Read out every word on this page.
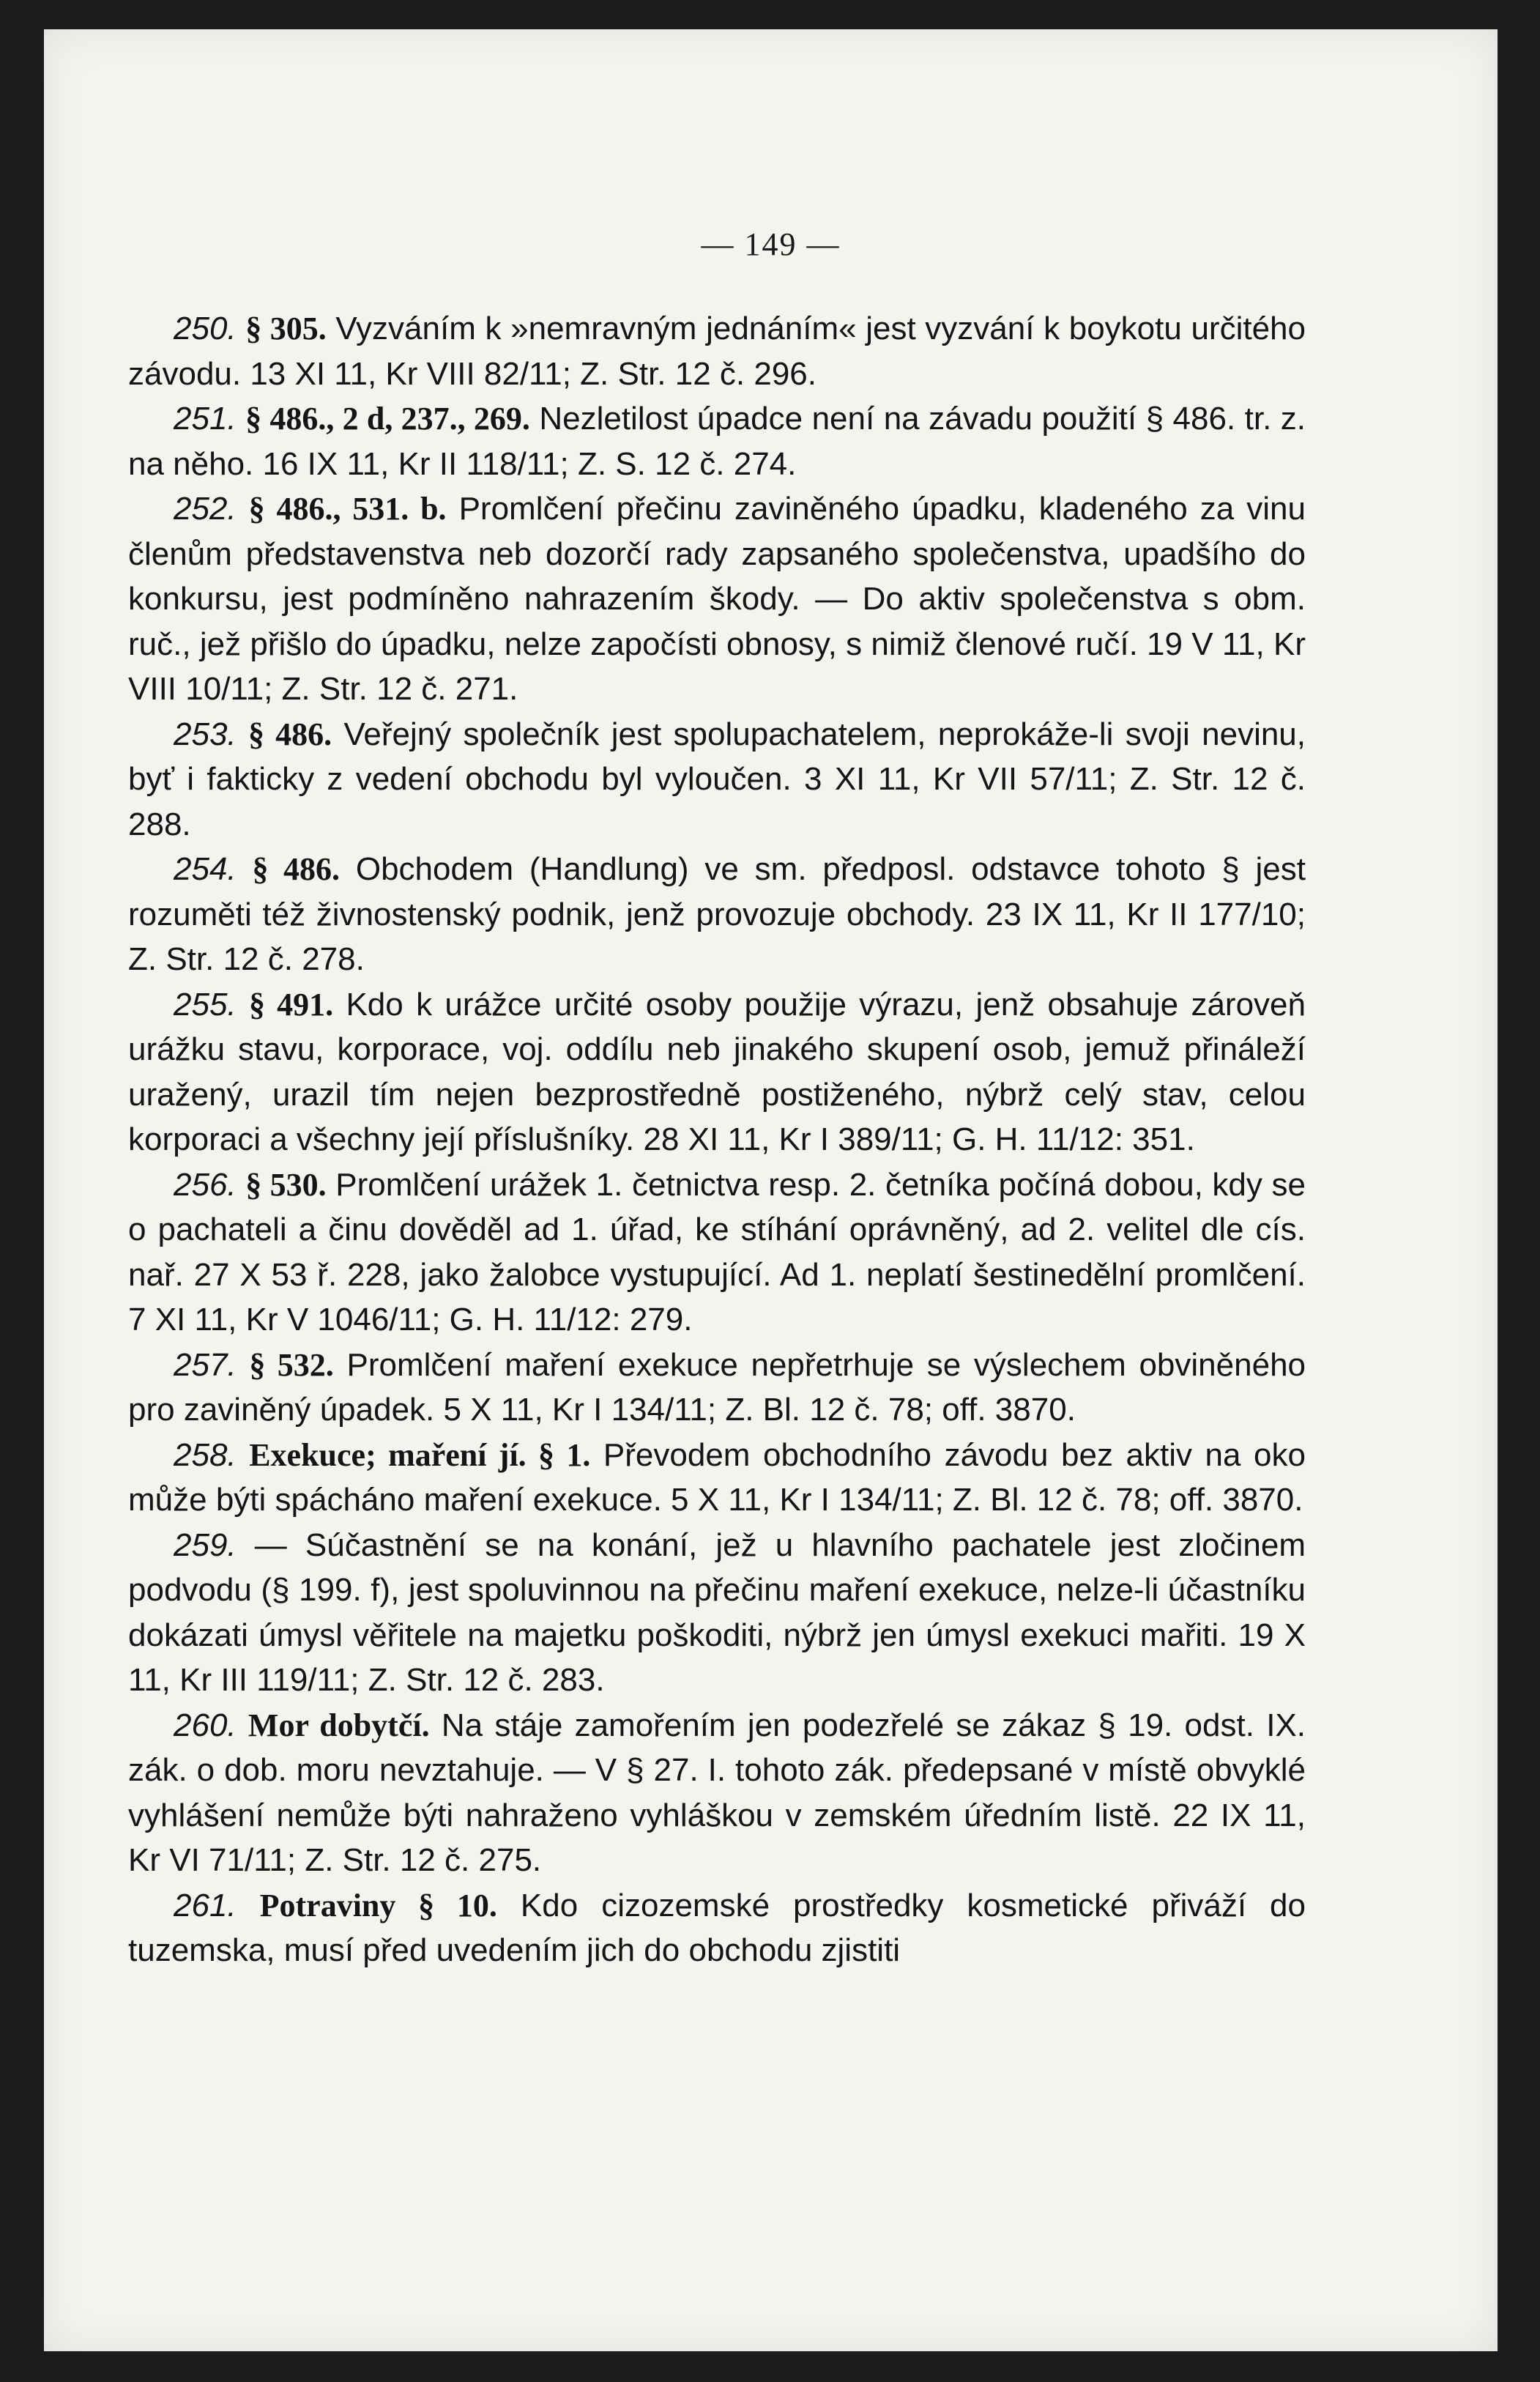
— 149 —

250. § 305. Vyzváním k »nemravným jednáním« jest vyzvání k boykotu určitého závodu. 13 XI 11, Kr VIII 82/11; Z. Str. 12 č. 296.

251. § 486., 2 d, 237., 269. Nezletilost úpadce není na závadu použití § 486. tr. z. na něho. 16 IX 11, Kr II 118/11; Z. S. 12 č. 274.

252. § 486., 531. b. Promlčení přečinu zaviněného úpadku, kladeného za vinu členům představenstva neb dozorčí rady zapsaného společenstva, upadšího do konkursu, jest podmíněno nahrazením škody. — Do aktiv společenstva s obm. ruč., jež přišlo do úpadku, nelze započísti obnosy, s nimiž členové ručí. 19 V 11, Kr VIII 10/11; Z. Str. 12 č. 271.

253. § 486. Veřejný společník jest spolupachatelem, neprokáže-li svoji nevinu, byť i fakticky z vedení obchodu byl vyloučen. 3 XI 11, Kr VII 57/11; Z. Str. 12 č. 288.

254. § 486. Obchodem (Handlung) ve sm. předposl. odstavce tohoto § jest rozuměti též živnostenský podnik, jenž provozuje obchody. 23 IX 11, Kr II 177/10; Z. Str. 12 č. 278.

255. § 491. Kdo k urážce určité osoby použije výrazu, jenž obsahuje zároveň urážku stavu, korporace, voj. oddílu neb jinakého skupení osob, jemuž přináleží uražený, urazil tím nejen bezprostředně postiženého, nýbrž celý stav, celou korporaci a všechny její příslušníky. 28 XI 11, Kr I 389/11; G. H. 11/12: 351.

256. § 530. Promlčení urážek 1. četnictva resp. 2. četníka počíná dobou, kdy se o pachateli a činu dověděl ad 1. úřad, ke stíhání oprávněný, ad 2. velitel dle cís. nař. 27 X 53 ř. 228, jako žalobce vystupující. Ad 1. neplatí šestinedělní promlčení. 7 XI 11, Kr V 1046/11; G. H. 11/12: 279.

257. § 532. Promlčení maření exekuce nepřetrhuje se výslechem obviněného pro zaviněný úpadek. 5 X 11, Kr I 134/11; Z. Bl. 12 č. 78; off. 3870.

258. Exekuce; maření jí. § 1. Převodem obchodního závodu bez aktiv na oko může býti spácháno maření exekuce. 5 X 11, Kr I 134/11; Z. Bl. 12 č. 78; off. 3870.

259. — Súčastnění se na konání, jež u hlavního pachatele jest zločinem podvodu (§ 199. f), jest spoluvinnou na přečinu maření exekuce, nelze-li účastníku dokázati úmysl věřitele na majetku poškoditi, nýbrž jen úmysl exekuci mařiti. 19 X 11, Kr III 119/11; Z. Str. 12 č. 283.

260. Mor dobytčí. Na stáje zamořením jen podezřelé se zákaz § 19. odst. IX. zák. o dob. moru nevztahuje. — V § 27. I. tohoto zák. předepsané v místě obvyklé vyhlášení nemůže býti nahraženo vyhláškou v zemském úředním listě. 22 IX 11, Kr VI 71/11; Z. Str. 12 č. 275.

261. Potraviny § 10. Kdo cizozemské prostředky kosmetické přiváží do tuzemska, musí před uvedením jich do obchodu zjistiti
